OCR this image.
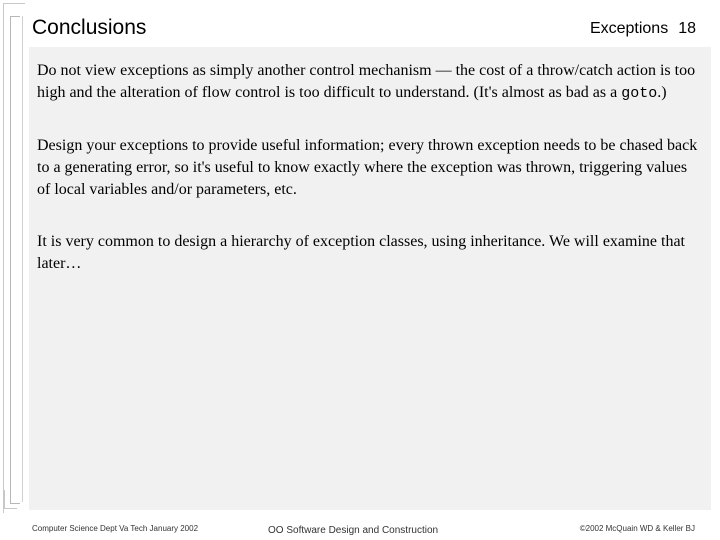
Conclusions	Exceptions 18

Do not view exceptions as simply another control mechanism — the cost of a throw/catch action is too high and the alteration of flow control is too difficult to understand. (It's almost as bad as a goto.)

Design your exceptions to provide useful information; every thrown exception needs to be chased back to a generating error, so it's useful to know exactly where the exception was thrown, triggering values of local variables and/or parameters, etc.

It is very common to design a hierarchy of exception classes, using inheritance. We will examine that later…

Computer Science Dept Va Tech January 2002	OO Software Design and Construction	©2002 McQuain WD & Keller BJ
